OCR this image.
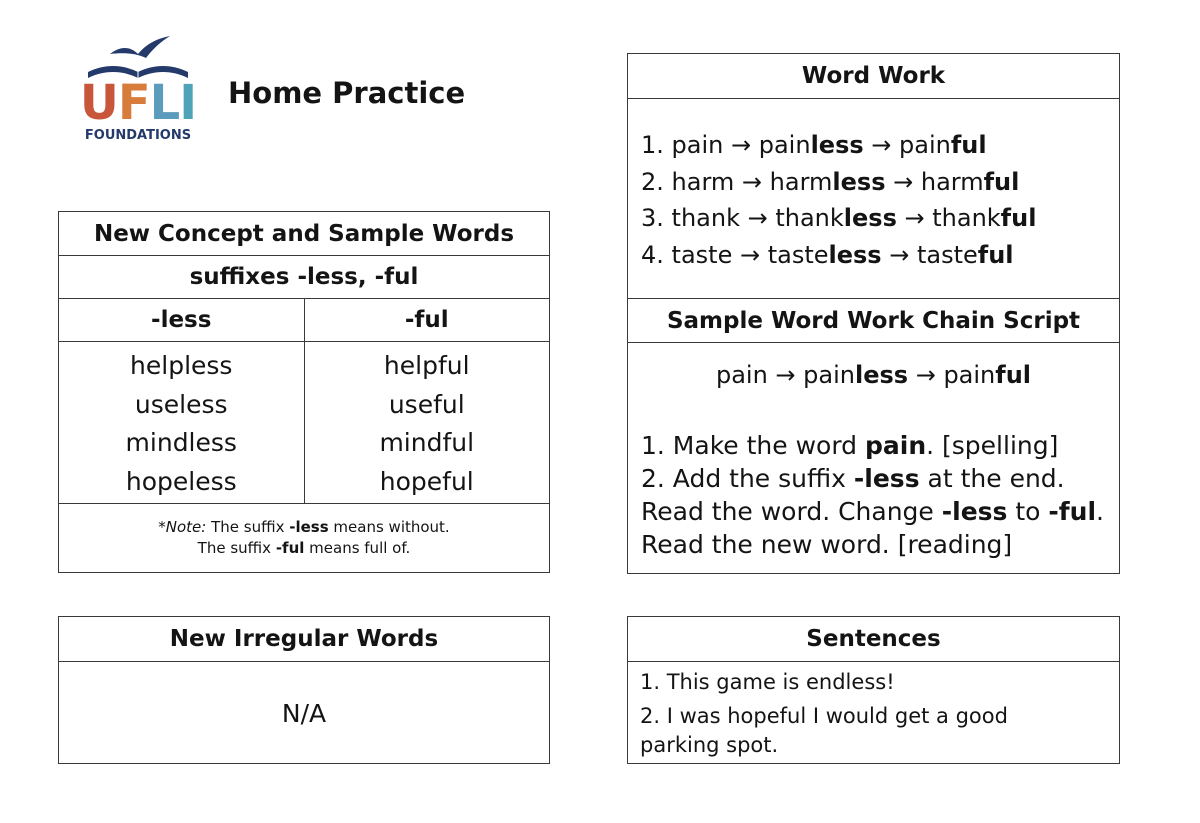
U F L I
FOUNDATIONS
Home Practice
New Concept and Sample Words
suffixes -less, -ful
-less	-ful
helpless
useless
mindless
hopeless
helpful
useful
mindful
hopeful
*Note: The suffix -less means without.
The suffix -ful means full of.
New Irregular Words
N/A
Word Work
1. pain → painless → painful
2. harm → harmless → harmful
3. thank → thankless → thankful
4. taste → tasteless → tasteful
Sample Word Work Chain Script
pain → painless → painful
1. Make the word pain. [spelling]
2. Add the suffix -less at the end.
Read the word. Change -less to -ful.
Read the new word. [reading]
Sentences
1. This game is endless!
2. I was hopeful I would get a good
parking spot.
